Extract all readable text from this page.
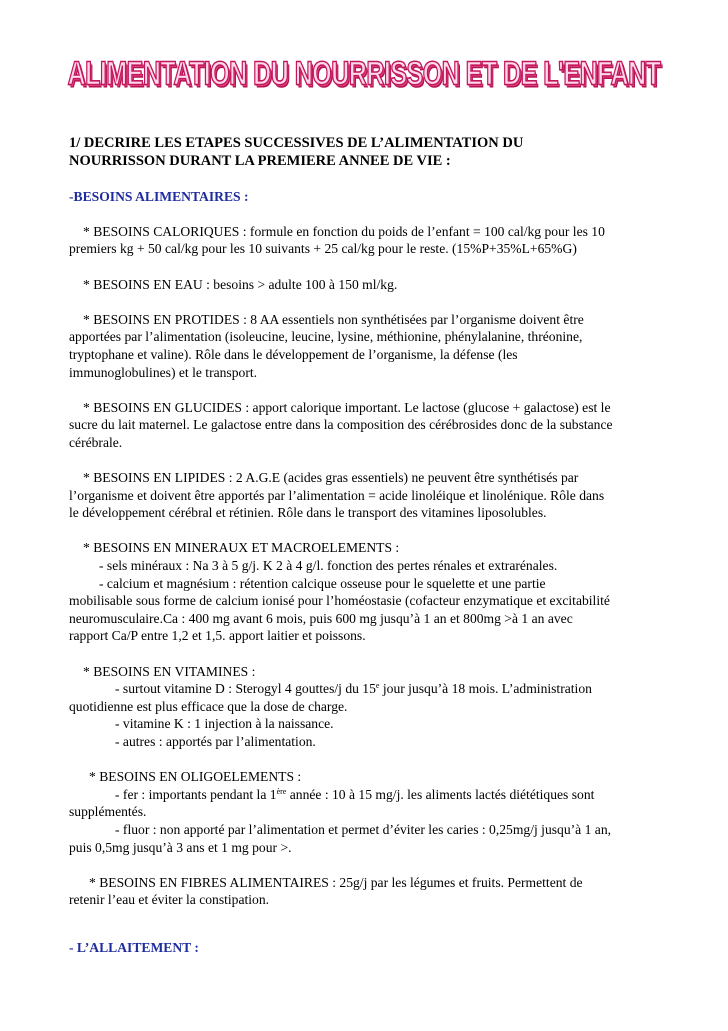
ALIMENTATION DU NOURRISSON ET DE L'ENFANT

1/ DECRIRE LES ETAPES SUCCESSIVES DE L’ALIMENTATION DU

NOURRISSON DURANT LA PREMIERE ANNEE DE VIE :

-BESOINS ALIMENTAIRES :

* BESOINS CALORIQUES : formule en fonction du poids de l’enfant = 100 cal/kg pour les 10

premiers kg + 50 cal/kg pour les 10 suivants + 25 cal/kg pour le reste. (15%P+35%L+65%G)

* BESOINS EN EAU : besoins > adulte 100 à 150 ml/kg.

* BESOINS EN PROTIDES : 8 AA essentiels non synthétisées par l’organisme doivent être

apportées par l’alimentation (isoleucine, leucine, lysine, méthionine, phénylalanine, thréonine,

tryptophane et valine). Rôle dans le développement de l’organisme, la défense (les

immunoglobulines) et le transport.

* BESOINS EN GLUCIDES : apport calorique important. Le lactose (glucose + galactose) est le

sucre du lait maternel. Le galactose entre dans la composition des cérébrosides donc de la substance

cérébrale.

* BESOINS EN LIPIDES : 2 A.G.E (acides gras essentiels) ne peuvent être synthétisés par

l’organisme et doivent être apportés par l’alimentation = acide linoléique et linolénique. Rôle dans

le développement cérébral et rétinien. Rôle dans le transport des vitamines liposolubles.

* BESOINS EN MINERAUX ET MACROELEMENTS :

- sels minéraux : Na 3 à 5 g/j. K 2 à 4 g/l. fonction des pertes rénales et extrarénales.

- calcium et magnésium : rétention calcique osseuse pour le squelette et une partie

mobilisable sous forme de calcium ionisé pour l’homéostasie (cofacteur enzymatique et excitabilité

neuromusculaire.Ca : 400 mg avant 6 mois, puis 600 mg jusqu’à 1 an et 800mg >à 1 an avec

rapport Ca/P entre 1,2 et 1,5. apport laitier et poissons.

* BESOINS EN VITAMINES :

- surtout vitamine D : Sterogyl 4 gouttes/j du 15e jour jusqu’à 18 mois. L’administration

quotidienne est plus efficace que la dose de charge.

- vitamine K : 1 injection à la naissance.

- autres : apportés par l’alimentation.

* BESOINS EN OLIGOELEMENTS :

- fer : importants pendant la 1ère année : 10 à 15 mg/j. les aliments lactés diététiques sont

supplémentés.

- fluor : non apporté par l’alimentation et permet d’éviter les caries : 0,25mg/j jusqu’à 1 an,

puis 0,5mg jusqu’à 3 ans et 1 mg pour >.

* BESOINS EN FIBRES ALIMENTAIRES : 25g/j par les légumes et fruits. Permettent de

retenir l’eau et éviter la constipation.

- L’ALLAITEMENT :
